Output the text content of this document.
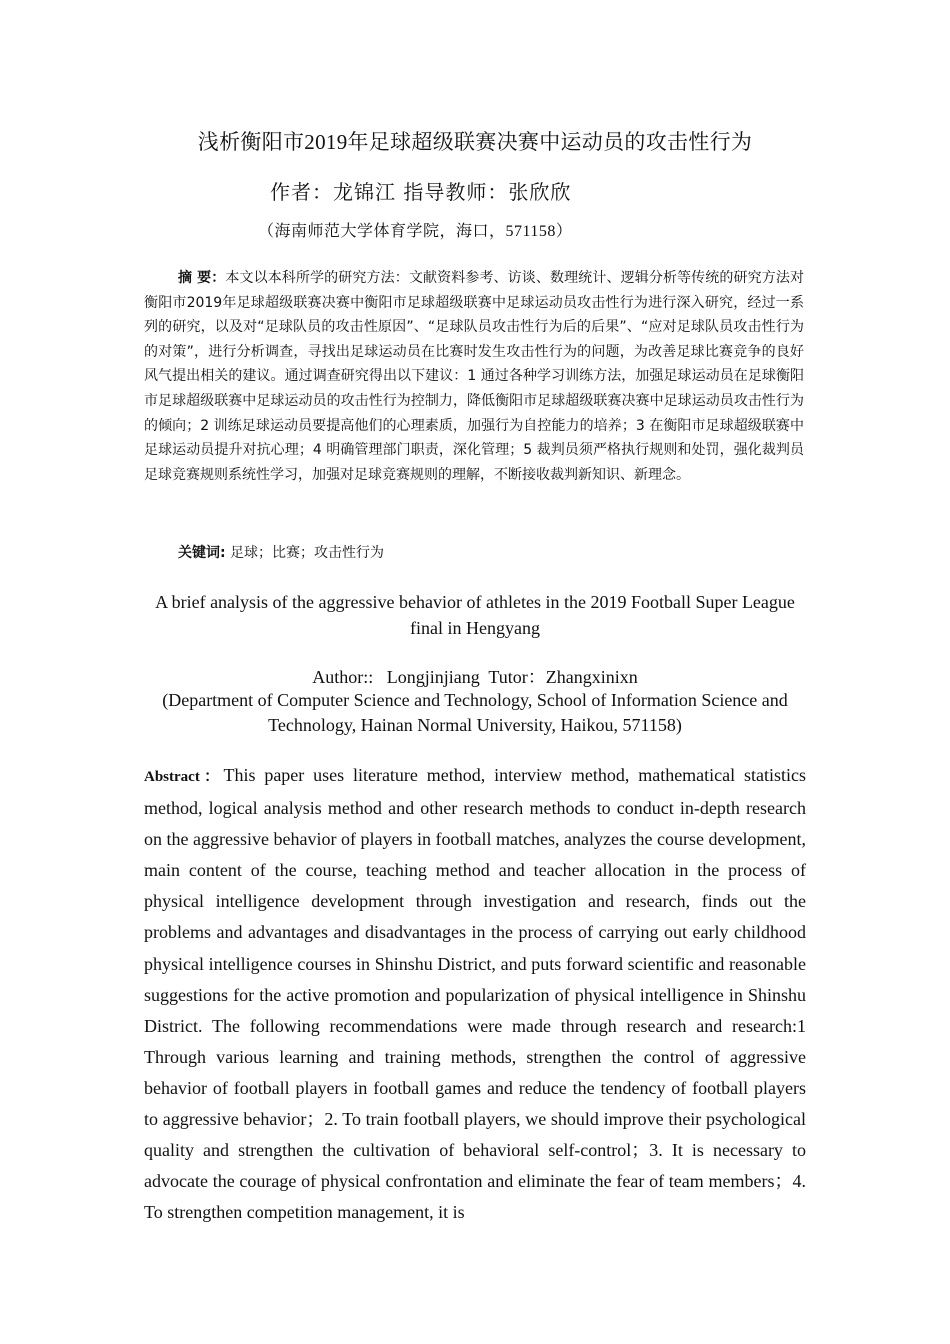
浅析衡阳市2019年足球超级联赛决赛中运动员的攻击性行为
作者：龙锦江 指导教师：张欣欣
（海南师范大学体育学院，海口，571158）
摘 要：本文以本科所学的研究方法：文献资料参考、访谈、数理统计、逻辑分析等传统的研究方法对衡阳市2019年足球超级联赛决赛中衡阳市足球超级联赛中足球运动员攻击性行为进行深入研究，经过一系列的研究，以及对“足球队员的攻击性原因”、“足球队员攻击性行为后的后果”、“应对足球队员攻击性行为的对策”，进行分析调查，寻找出足球运动员在比赛时发生攻击性行为的问题，为改善足球比赛竞争的良好风气提出相关的建议。通过调查研究得出以下建议：1 通过各种学习训练方法，加强足球运动员在足球衡阳市足球超级联赛中足球运动员的攻击性行为控制力，降低衡阳市足球超级联赛决赛中足球运动员攻击性行为的倾向；2 训练足球运动员要提高他们的心理素质，加强行为自控能力的培养；3 在衡阳市足球超级联赛中足球运动员提升对抗心理；4 明确管理部门职责，深化管理；5 裁判员须严格执行规则和处罚，强化裁判员足球竞赛规则系统性学习，加强对足球竞赛规则的理解，不断接收裁判新知识、新理念。
关键词: 足球；比赛；攻击性行为
A brief analysis of the aggressive behavior of athletes in the 2019 Football Super League final in Hengyang
Author::   Longjinjiang  Tutor：Zhangxinixn
(Department of Computer Science and Technology, School of Information Science and Technology, Hainan Normal University, Haikou, 571158)
Abstract：This paper uses literature method, interview method, mathematical statistics method, logical analysis method and other research methods to conduct in-depth research on the aggressive behavior of players in football matches, analyzes the course development, main content of the course, teaching method and teacher allocation in the process of physical intelligence development through investigation and research, finds out the problems and advantages and disadvantages in the process of carrying out early childhood physical intelligence courses in Shinshu District, and puts forward scientific and reasonable suggestions for the active promotion and popularization of physical intelligence in Shinshu District. The following recommendations were made through research and research:1 Through various learning and training methods, strengthen the control of aggressive behavior of football players in football games and reduce the tendency of football players to aggressive behavior；2. To train football players, we should improve their psychological quality and strengthen the cultivation of behavioral self-control；3. It is necessary to advocate the courage of physical confrontation and eliminate the fear of team members；4. To strengthen competition management, it is
